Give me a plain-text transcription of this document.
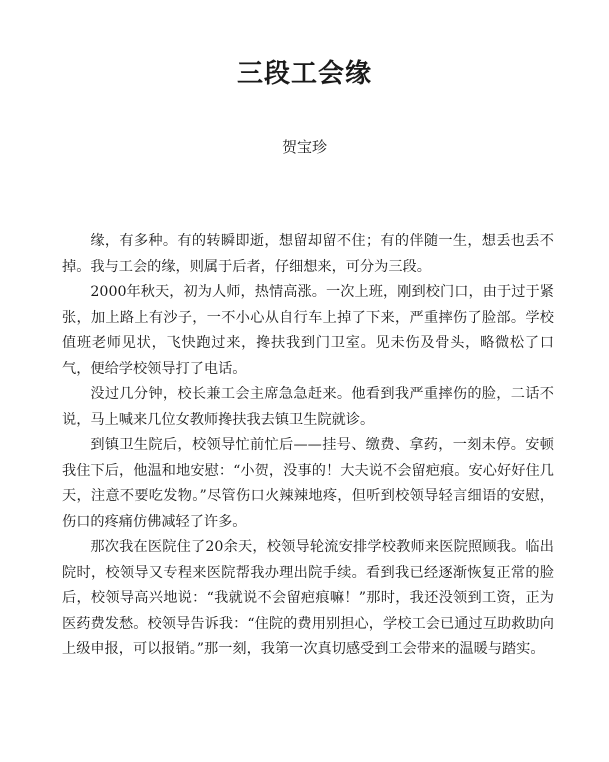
三段工会缘
贺宝珍

缘，有多种。有的转瞬即逝，想留却留不住；有的伴随一生，想丢也丢不掉。我与工会的缘，则属于后者，仔细想来，可分为三段。

2000年秋天，初为人师，热情高涨。一次上班，刚到校门口，由于过于紧张，加上路上有沙子，一不小心从自行车上掉了下来，严重摔伤了脸部。学校值班老师见状，飞快跑过来，搀扶我到门卫室。见未伤及骨头，略微松了口气，便给学校领导打了电话。

没过几分钟，校长兼工会主席急急赶来。他看到我严重摔伤的脸，二话不说，马上喊来几位女教师搀扶我去镇卫生院就诊。

到镇卫生院后，校领导忙前忙后——挂号、缴费、拿药，一刻未停。安顿我住下后，他温和地安慰：“小贺，没事的！大夫说不会留疤痕。安心好好住几天，注意不要吃发物。”尽管伤口火辣辣地疼，但听到校领导轻言细语的安慰，伤口的疼痛仿佛减轻了许多。

那次我在医院住了20余天，校领导轮流安排学校教师来医院照顾我。临出院时，校领导又专程来医院帮我办理出院手续。看到我已经逐渐恢复正常的脸后，校领导高兴地说：“我就说不会留疤痕嘛！”那时，我还没领到工资，正为医药费发愁。校领导告诉我：“住院的费用别担心，学校工会已通过互助救助向上级申报，可以报销。”那一刻，我第一次真切感受到工会带来的温暖与踏实。
